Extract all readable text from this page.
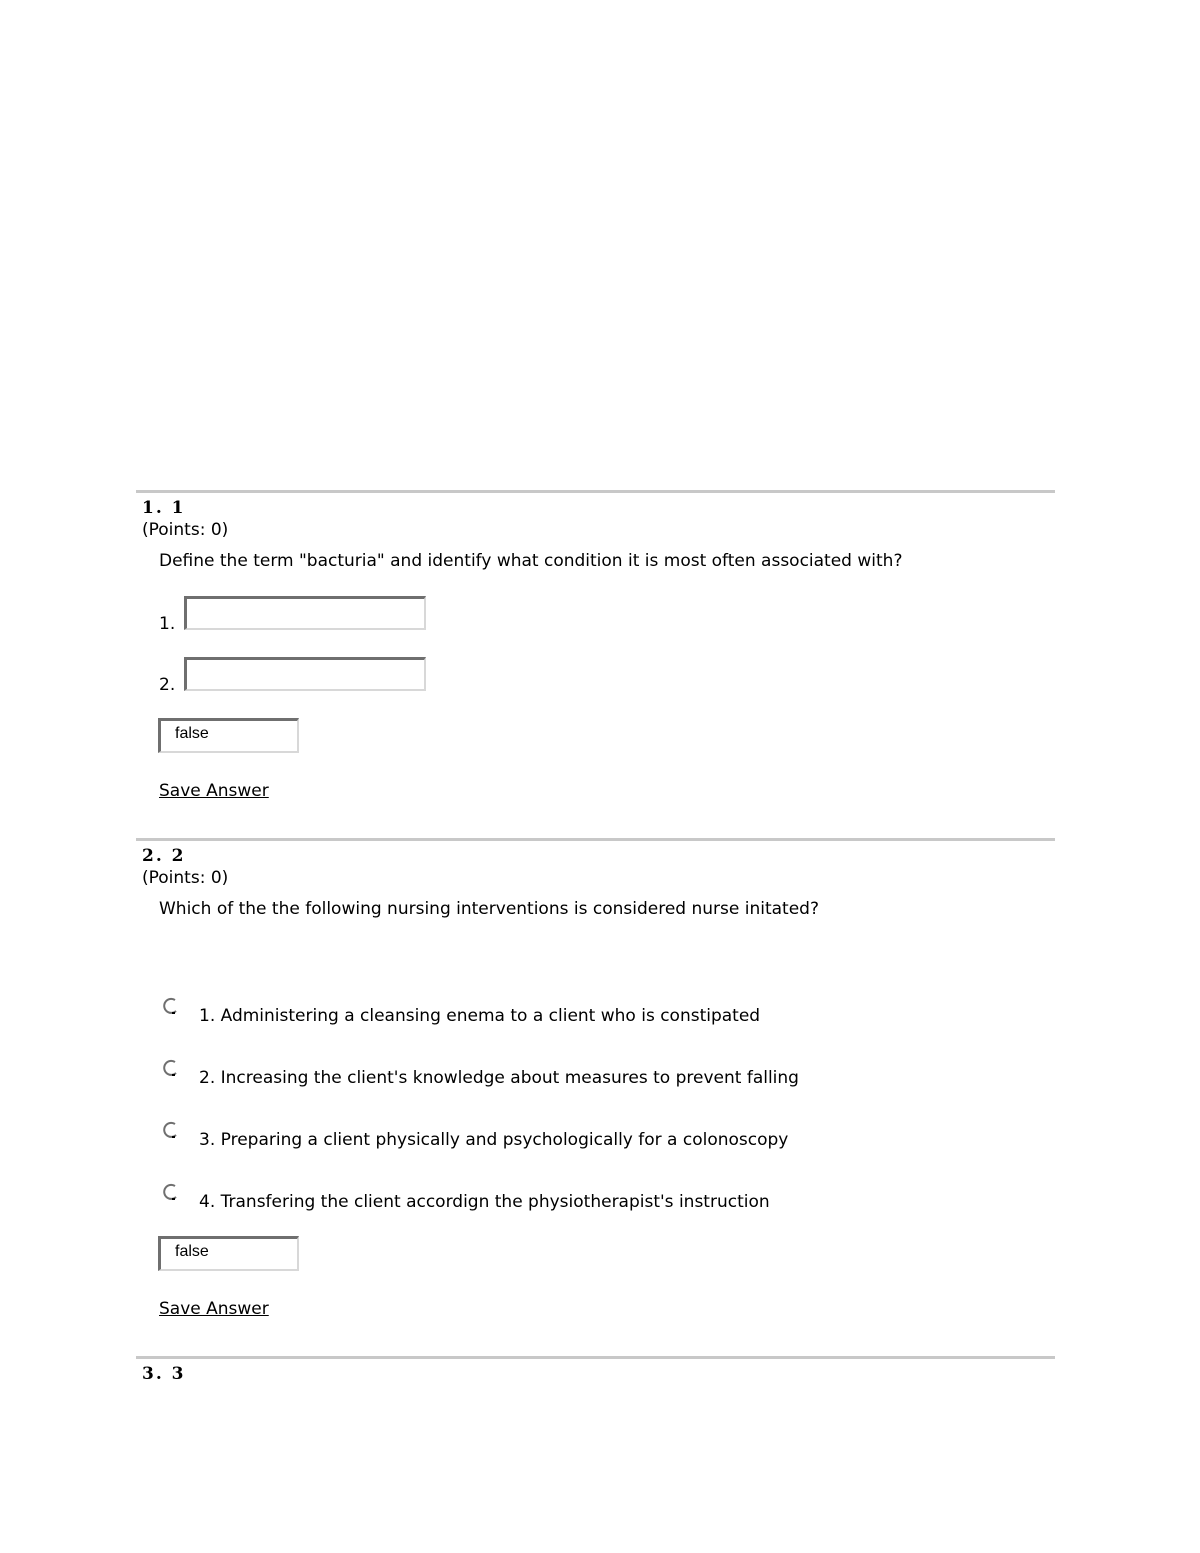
1. 1
(Points: 0)
Define the term "bacturia" and identify what condition it is most often associated with?
1.
2.
false
Save Answer
2. 2
(Points: 0)
Which of the the following nursing interventions is considered nurse initated?
1. Administering a cleansing enema to a client who is constipated
2. Increasing the client's knowledge about measures to prevent falling
3. Preparing a client physically and psychologically for a colonoscopy
4. Transfering the client accordign the physiotherapist's instruction
false
Save Answer
3. 3
